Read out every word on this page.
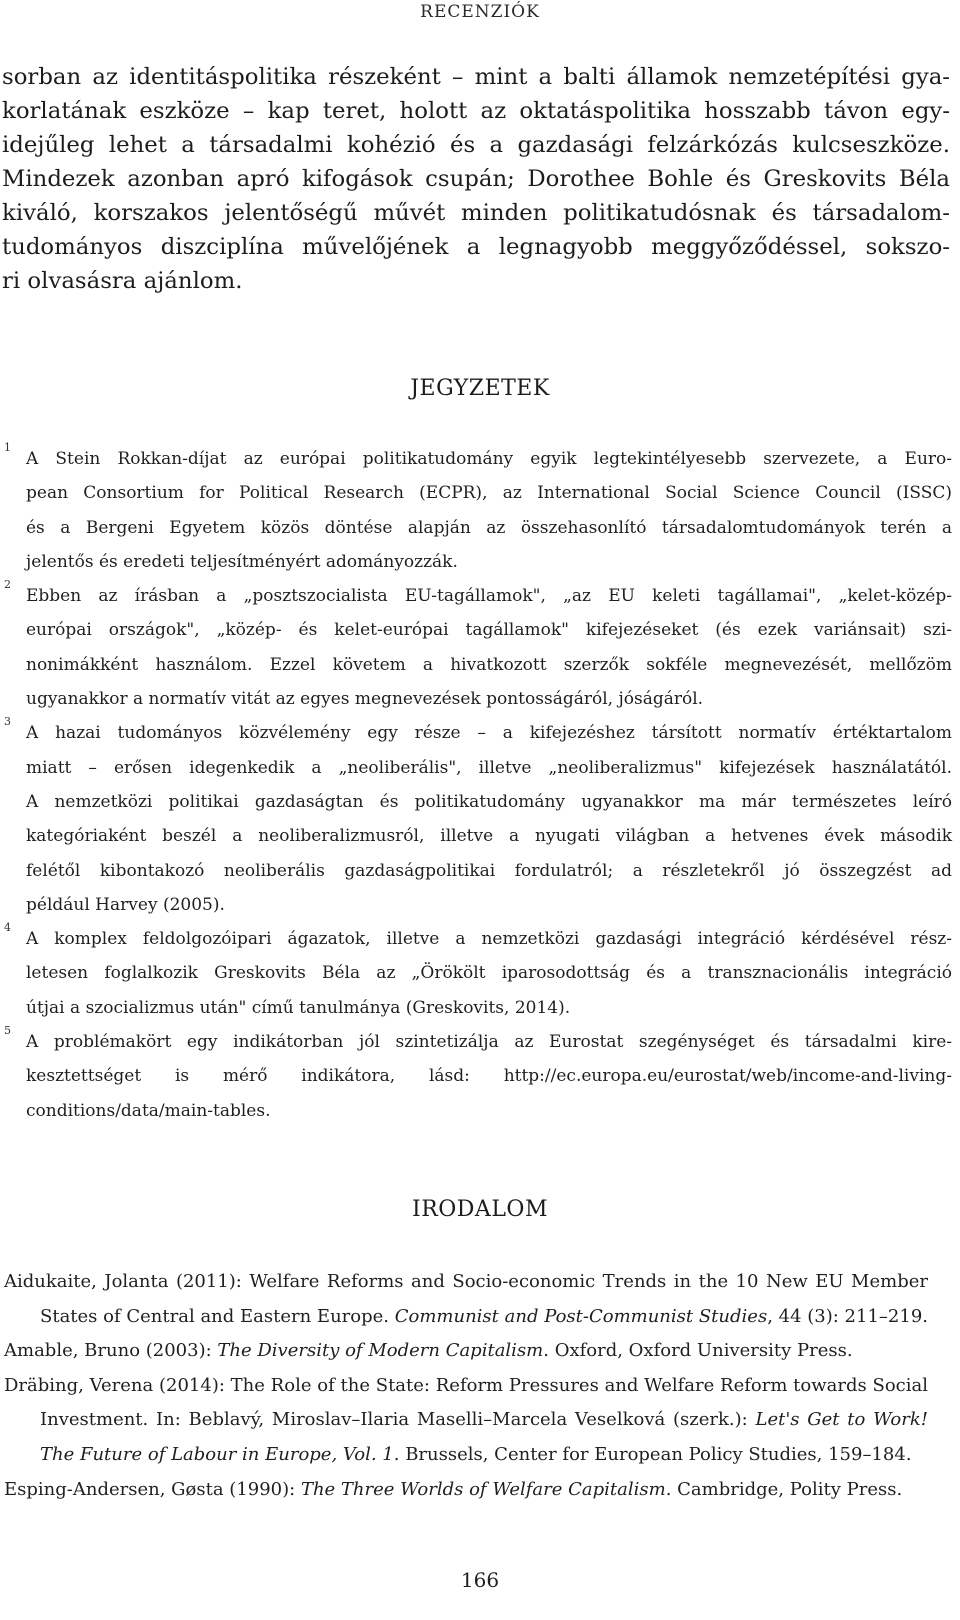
RECENZIÓK
sorban az identitáspolitika részeként – mint a balti államok nemzetépítési gya-
korlatának eszköze – kap teret, holott az oktatáspolitika hosszabb távon egy-
idejűleg lehet a társadalmi kohézió és a gazdasági felzárkózás kulcseszköze.
Mindezek azonban apró kifogások csupán; Dorothee Bohle és Greskovits Béla
kiváló, korszakos jelentőségű művét minden politikatudósnak és társadalom-
tudományos diszciplína művelőjének a legnagyobb meggyőződéssel, sokszo-
ri olvasásra ajánlom.
JEGYZETEK
1
A Stein Rokkan-díjat az európai politikatudomány egyik legtekintélyesebb szervezete, a Euro-
pean Consortium for Political Research (ECPR), az International Social Science Council (ISSC)
és a Bergeni Egyetem közös döntése alapján az összehasonlító társadalomtudományok terén a
jelentős és eredeti teljesítményért adományozzák.
2
Ebben az írásban a „posztszocialista EU-tagállamok", „az EU keleti tagállamai", „kelet-közép-
európai országok", „közép- és kelet-európai tagállamok" kifejezéseket (és ezek variánsait) szi-
nonimákként használom. Ezzel követem a hivatkozott szerzők sokféle megnevezését, mellőzöm
ugyanakkor a normatív vitát az egyes megnevezések pontosságáról, jóságáról.
3
A hazai tudományos közvélemény egy része – a kifejezéshez társított normatív értéktartalom
miatt – erősen idegenkedik a „neoliberális", illetve „neoliberalizmus" kifejezések használatától.
A nemzetközi politikai gazdaságtan és politikatudomány ugyanakkor ma már természetes leíró
kategóriaként beszél a neoliberalizmusról, illetve a nyugati világban a hetvenes évek második
felétől kibontakozó neoliberális gazdaságpolitikai fordulatról; a részletekről jó összegzést ad
például Harvey (2005).
4
A komplex feldolgozóipari ágazatok, illetve a nemzetközi gazdasági integráció kérdésével rész-
letesen foglalkozik Greskovits Béla az „Örökölt iparosodottság és a transznacionális integráció
útjai a szocializmus után" című tanulmánya (Greskovits, 2014).
5
A problémakört egy indikátorban jól szintetizálja az Eurostat szegénységet és társadalmi kire-
kesztettséget is mérő indikátora, lásd: http://ec.europa.eu/eurostat/web/income-and-living-
conditions/data/main-tables.
IRODALOM
Aidukaite, Jolanta (2011): Welfare Reforms and Socio-economic Trends in the 10 New EU Member
States of Central and Eastern Europe. Communist and Post-Communist Studies, 44 (3): 211–219.
Amable, Bruno (2003): The Diversity of Modern Capitalism. Oxford, Oxford University Press.
Dräbing, Verena (2014): The Role of the State: Reform Pressures and Welfare Reform towards Social
Investment. In: Beblavý, Miroslav–Ilaria Maselli–Marcela Veselková (szerk.): Let's Get to Work!
The Future of Labour in Europe, Vol. 1. Brussels, Center for European Policy Studies, 159–184.
Esping-Andersen, Gøsta (1990): The Three Worlds of Welfare Capitalism. Cambridge, Polity Press.
166
